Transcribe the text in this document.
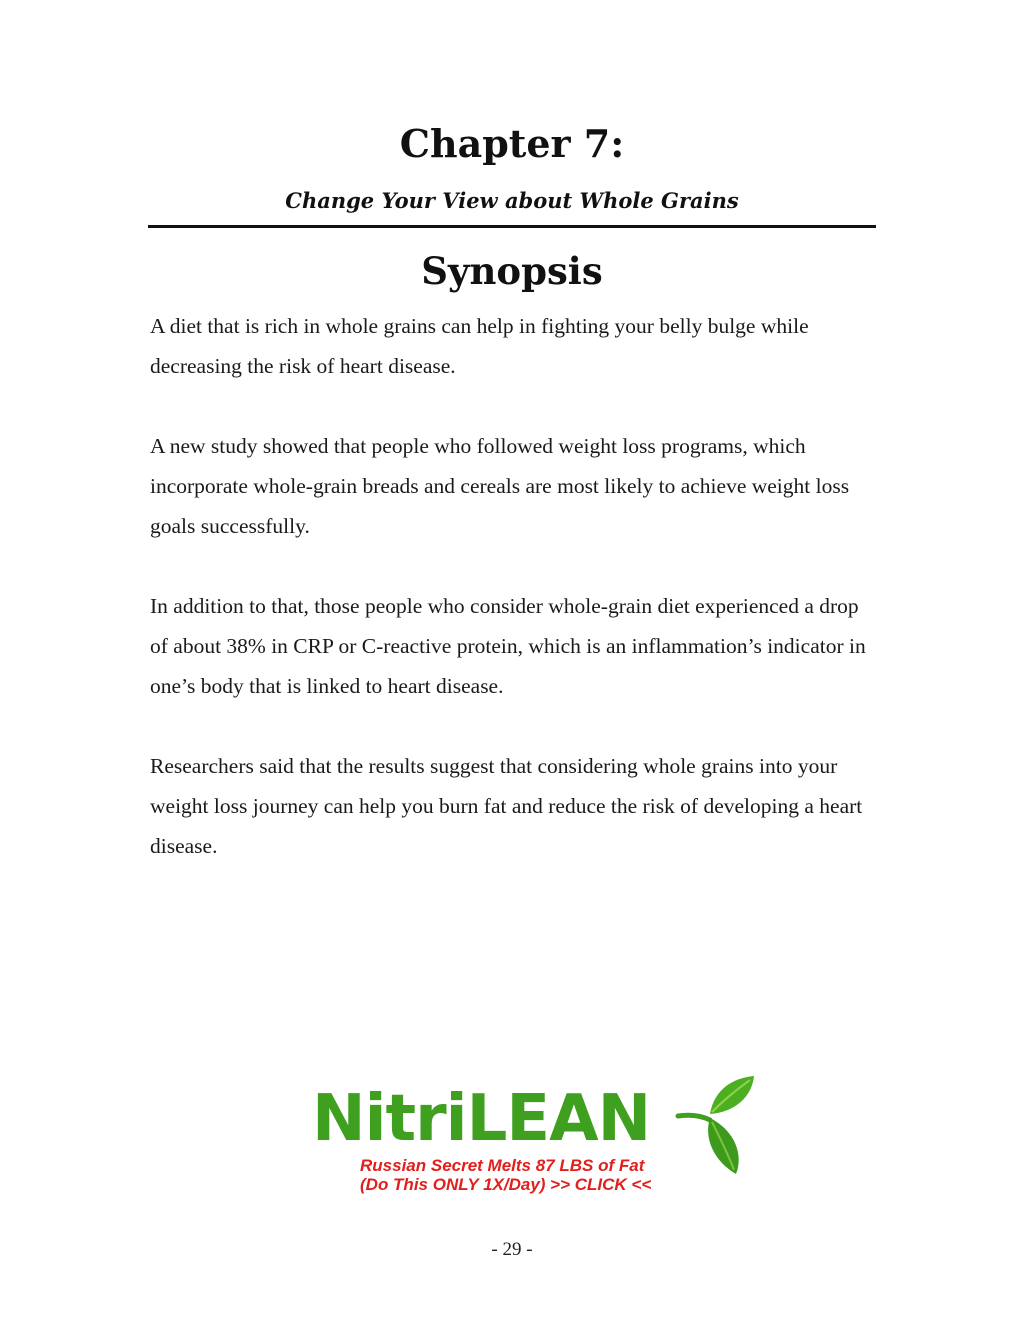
Chapter 7:
Change Your View about Whole Grains
Synopsis

A diet that is rich in whole grains can help in fighting your belly bulge while decreasing the risk of heart disease.

A new study showed that people who followed weight loss programs, which incorporate whole-grain breads and cereals are most likely to achieve weight loss goals successfully.

In addition to that, those people who consider whole-grain diet experienced a drop of about 38% in CRP or C-reactive protein, which is an inflammation’s indicator in one’s body that is linked to heart disease.

Researchers said that the results suggest that considering whole grains into your weight loss journey can help you burn fat and reduce the risk of developing a heart disease.

NitriLEAN
Russian Secret Melts 87 LBS of Fat
(Do This ONLY 1X/Day) >> CLICK <<
- 29 -
